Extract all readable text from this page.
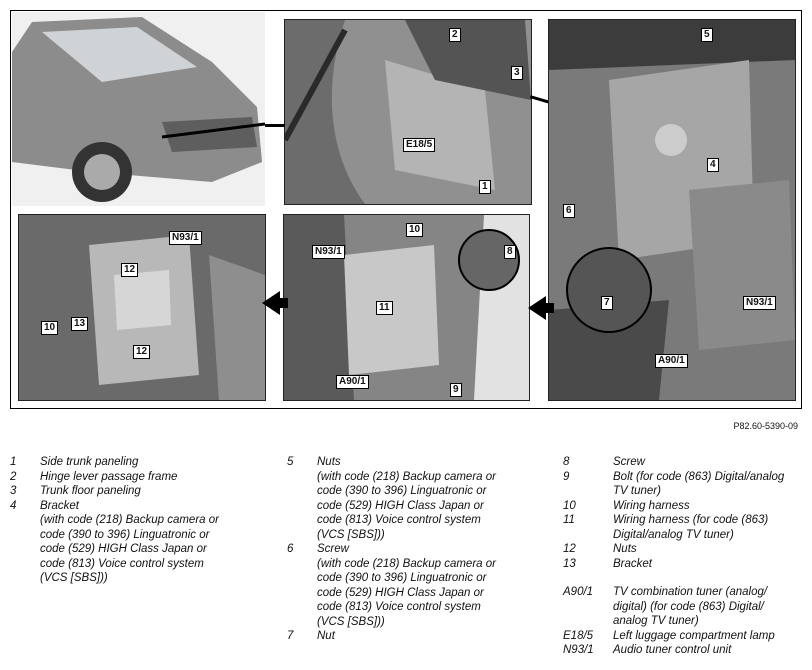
2
3
E18/5
1
5
4
6
7	N93/1
A90/1
N93/1
10
8
11
A90/1
9
N93/1
12
10	13
12
P82.60-5390-09
1	Side trunk paneling
2	Hinge lever passage frame
3	Trunk floor paneling
4	Bracket
(with code (218) Backup camera or
code (390 to 396) Linguatronic or
code (529) HIGH Class Japan or
code (813) Voice control system
(VCS [SBS]))
5	Nuts
(with code (218) Backup camera or
code (390 to 396) Linguatronic or
code (529) HIGH Class Japan or
code (813) Voice control system
(VCS [SBS]))
6	Screw
(with code (218) Backup camera or
code (390 to 396) Linguatronic or
code (529) HIGH Class Japan or
code (813) Voice control system
(VCS [SBS]))
7	Nut
8	Screw
9	Bolt (for code (863) Digital/analog
TV tuner)
10	Wiring harness
11	Wiring harness (for code (863)
Digital/analog TV tuner)
12	Nuts
13	Bracket
A90/1	TV combination tuner (analog/
digital) (for code (863) Digital/
analog TV tuner)
E18/5	Left luggage compartment lamp
N93/1	Audio tuner control unit
